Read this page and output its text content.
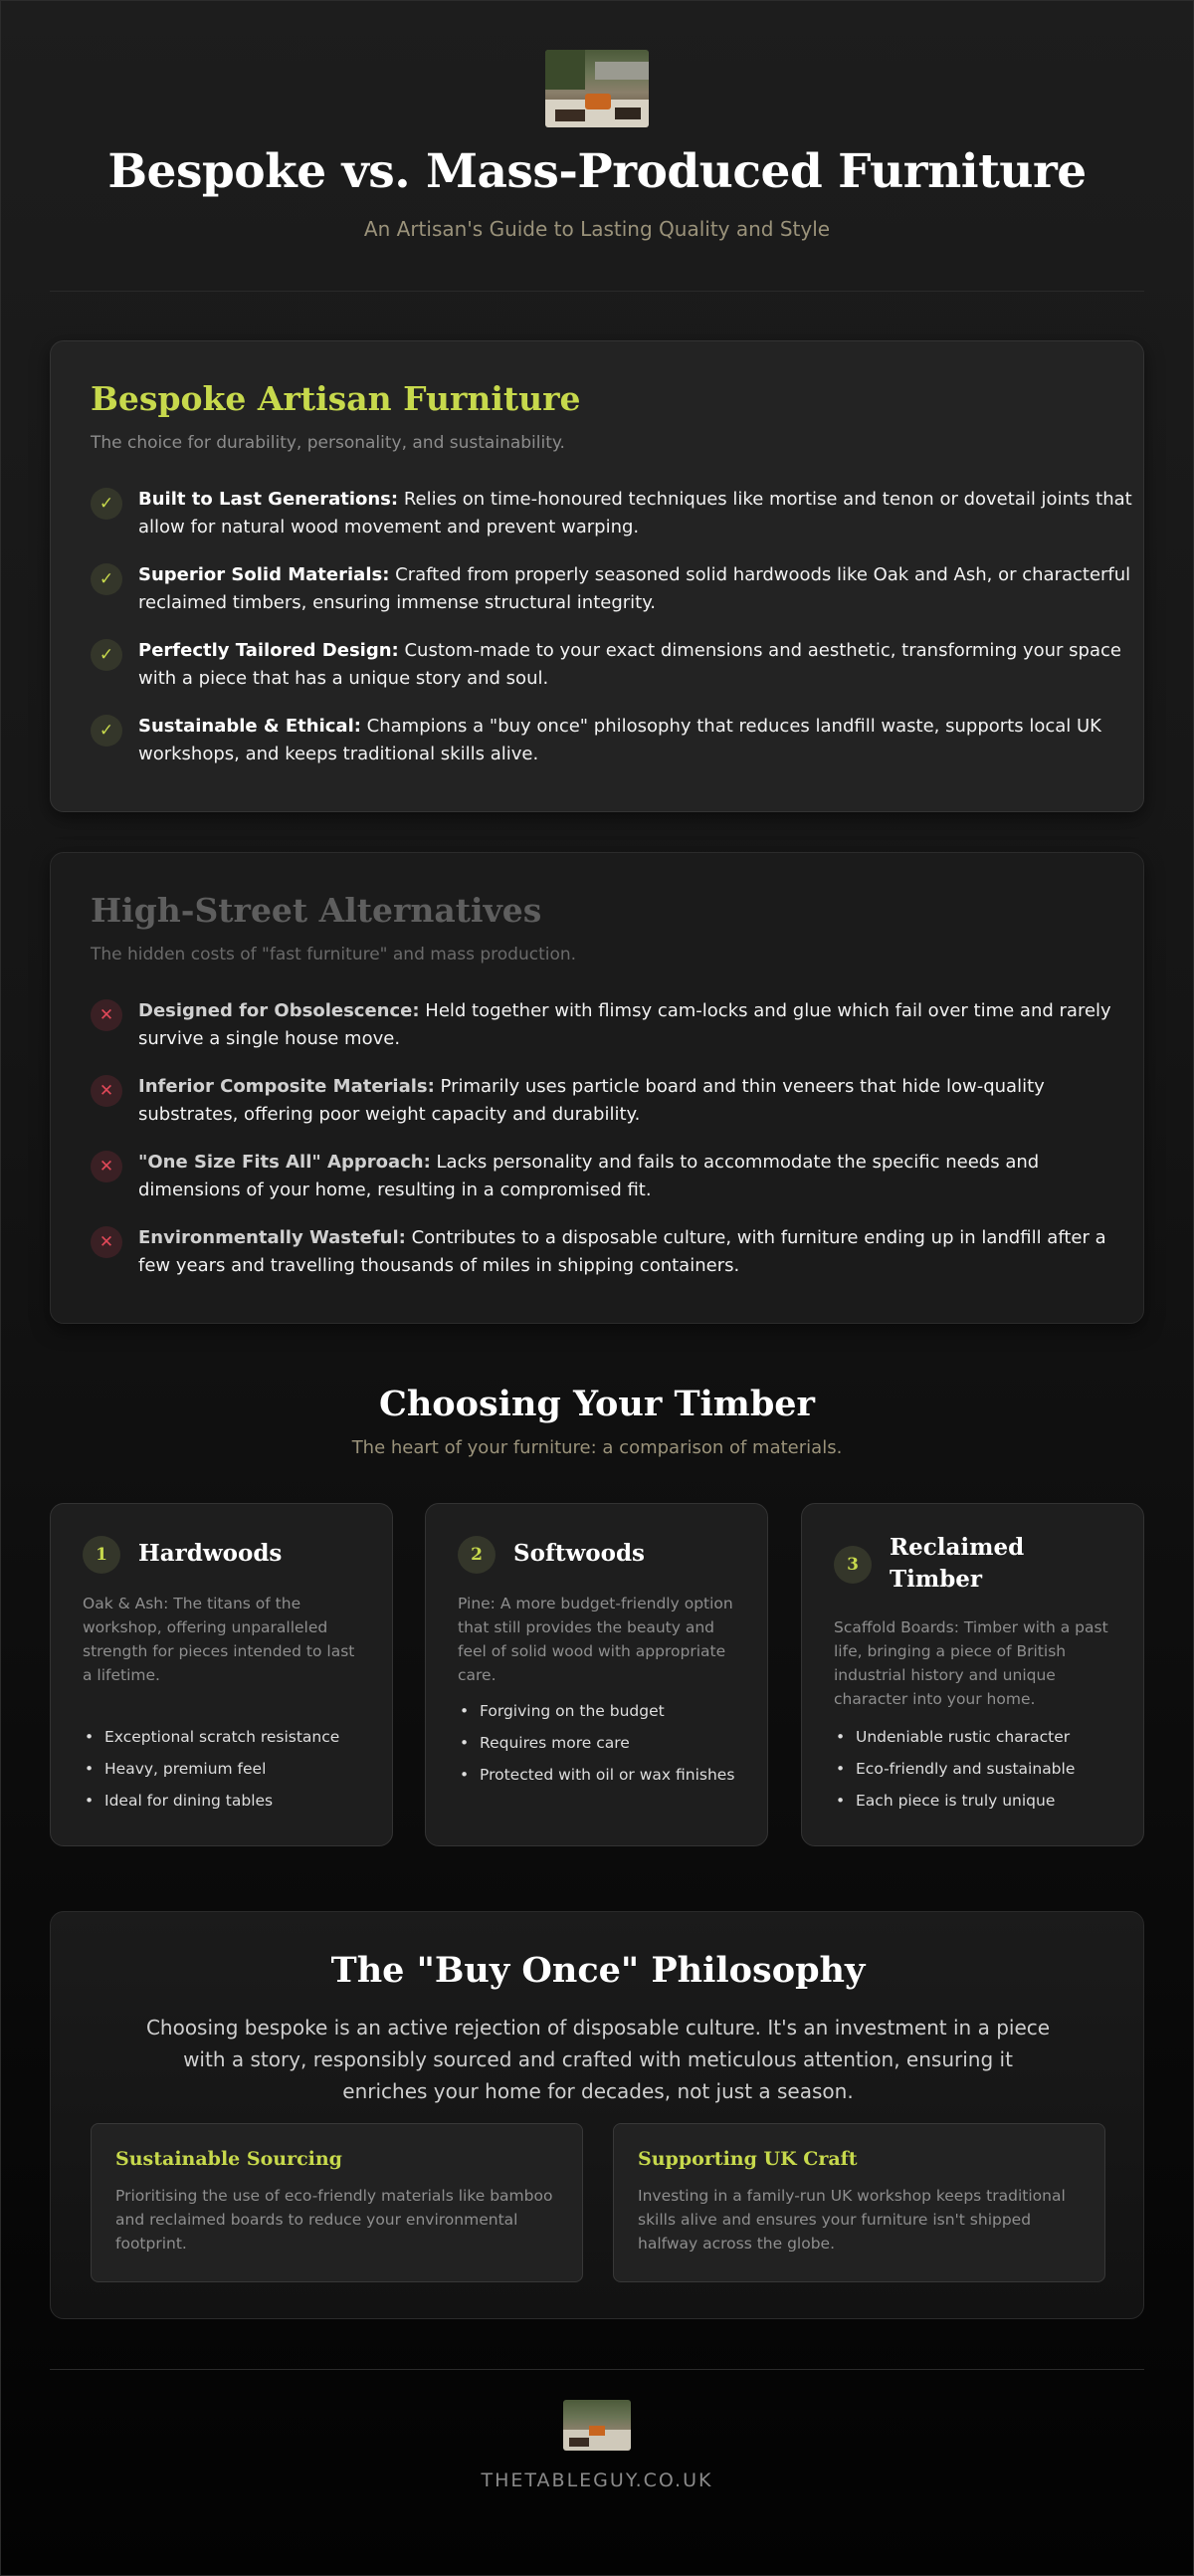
Bespoke vs. Mass-Produced Furniture
An Artisan's Guide to Lasting Quality and Style
Bespoke Artisan Furniture
The choice for durability, personality, and sustainability.
✓	Built to Last Generations: Relies on time-honoured techniques like mortise and tenon or dovetail joints that allow for natural wood movement and prevent warping.

✓	Superior Solid Materials: Crafted from properly seasoned solid hardwoods like Oak and Ash, or characterful reclaimed timbers, ensuring immense structural integrity.

✓	Perfectly Tailored Design: Custom-made to your exact dimensions and aesthetic, transforming your space with a piece that has a unique story and soul.

✓	Sustainable & Ethical: Champions a "buy once" philosophy that reduces landfill waste, supports local UK workshops, and keeps traditional skills alive.

High-Street Alternatives
The hidden costs of "fast furniture" and mass production.
✕	Designed for Obsolescence: Held together with flimsy cam-locks and glue which fail over time and rarely survive a single house move.

✕	Inferior Composite Materials: Primarily uses particle board and thin veneers that hide low-quality substrates, offering poor weight capacity and durability.

✕	"One Size Fits All" Approach: Lacks personality and fails to accommodate the specific needs and dimensions of your home, resulting in a compromised fit.

✕	Environmentally Wasteful: Contributes to a disposable culture, with furniture ending up in landfill after a few years and travelling thousands of miles in shipping containers.

Choosing Your Timber
The heart of your furniture: a comparison of materials.
1	Hardwoods

Oak & Ash: The titans of the workshop, offering unparalleled strength for pieces intended to last a lifetime.

• Exceptional scratch resistance
• Heavy, premium feel
• Ideal for dining tables
2	Softwoods

Pine: A more budget-friendly option that still provides the beauty and feel of solid wood with appropriate care.

• Forgiving on the budget
• Requires more care
• Protected with oil or wax finishes
3
Reclaimed Timber

Scaffold Boards: Timber with a past life, bringing a piece of British industrial history and unique character into your home.

• Undeniable rustic character
• Eco-friendly and sustainable
• Each piece is truly unique
The "Buy Once" Philosophy

Choosing bespoke is an active rejection of disposable culture. It's an investment in a piece with a story, responsibly sourced and crafted with meticulous attention, ensuring it enriches your home for decades, not just a season.

Sustainable Sourcing

Prioritising the use of eco-friendly materials like bamboo and reclaimed boards to reduce your environmental footprint.

Supporting UK Craft

Investing in a family-run UK workshop keeps traditional skills alive and ensures your furniture isn't shipped halfway across the globe.

THETABLEGUY.CO.UK
